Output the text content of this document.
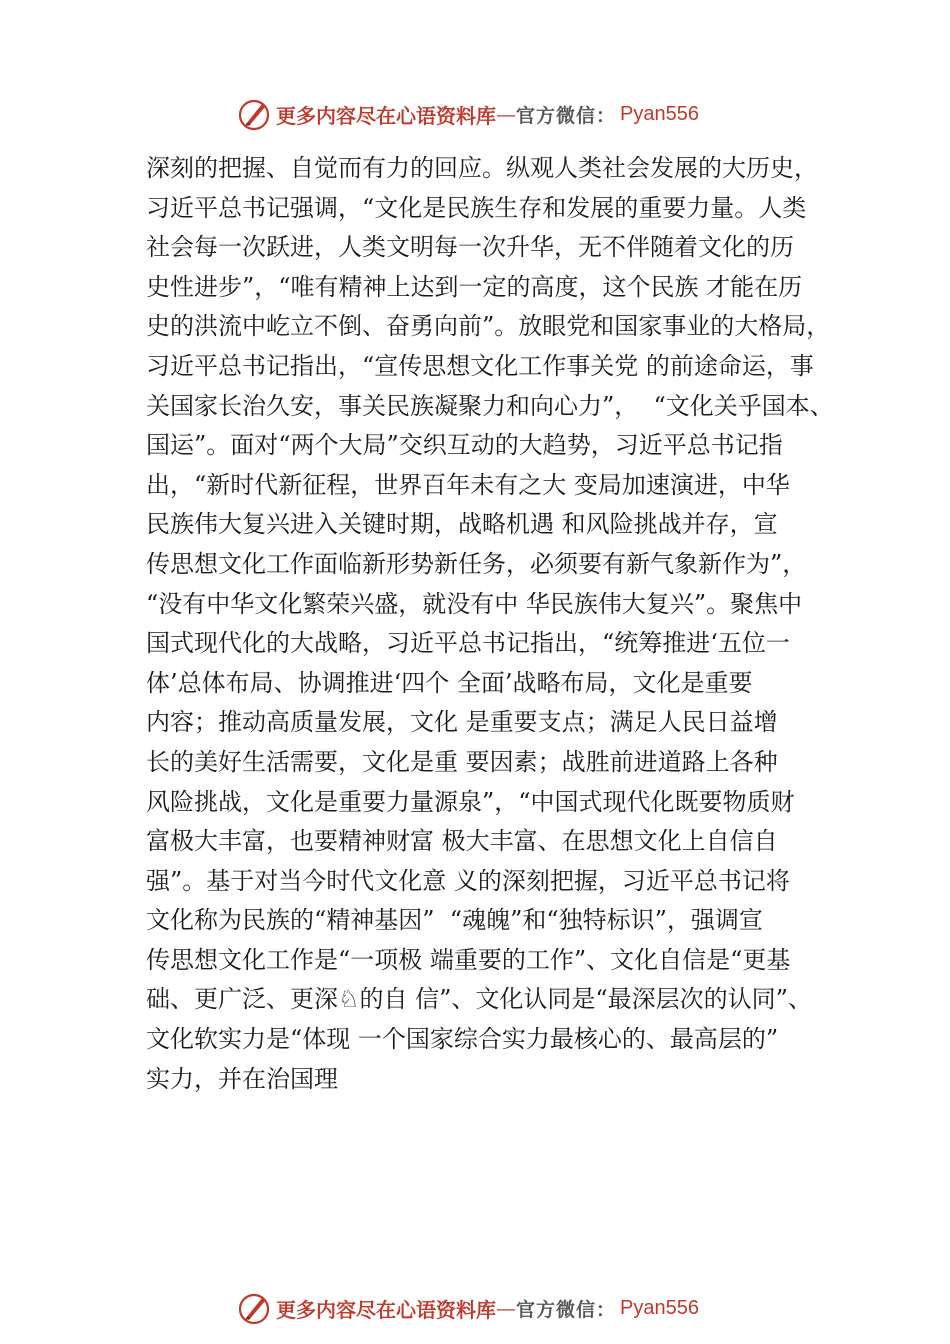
更多内容尽在心语资料库 — 官方微信： Pyan556
深刻的把握、自觉而有力的回应。纵观人类社会发展的大历史，
习近平总书记强调，“文化是民族生存和发展的重要力量。人类
社会每一次跃进，人类文明每一次升华，无不伴随着文化的历
史性进步”，“唯有精神上达到一定的高度，这个民族 才能在历
史的洪流中屹立不倒、奋勇向前”。放眼党和国家事业的大格局，
习近平总书记指出，“宣传思想文化工作事关党 的前途命运，事
关国家长治久安，事关民族凝聚力和向心力”，  “文化关乎国本、
国运”。面对“两个大局”交织互动的大趋势，习近平总书记指
出，“新时代新征程，世界百年未有之大 变局加速演进，中华
民族伟大复兴进入关键时期，战略机遇 和风险挑战并存，宣
传思想文化工作面临新形势新任务，必须要有新气象新作为”，
“没有中华文化繁荣兴盛，就没有中 华民族伟大复兴”。聚焦中
国式现代化的大战略，习近平总书记指出，“统筹推进‘五位一
体’总体布局、协调推进‘四个 全面’战略布局，文化是重要
内容；推动高质量发展，文化 是重要支点；满足人民日益增
长的美好生活需要，文化是重 要因素；战胜前进道路上各种
风险挑战，文化是重要力量源泉”，“中国式现代化既要物质财
富极大丰富，也要精神财富 极大丰富、在思想文化上自信自
强”。基于对当今时代文化意 义的深刻把握，习近平总书记将
文化称为民族的“精神基因”  “魂魄”和“独特标识”，强调宣
传思想文化工作是“一项极 端重要的工作”、文化自信是“更基
础、更广泛、更深♘的自 信”、文化认同是“最深层次的认同”、
文化软实力是“体现 一个国家综合实力最核心的、最高层的”
实力，并在治国理
更多内容尽在心语资料库 — 官方微信： Pyan556
